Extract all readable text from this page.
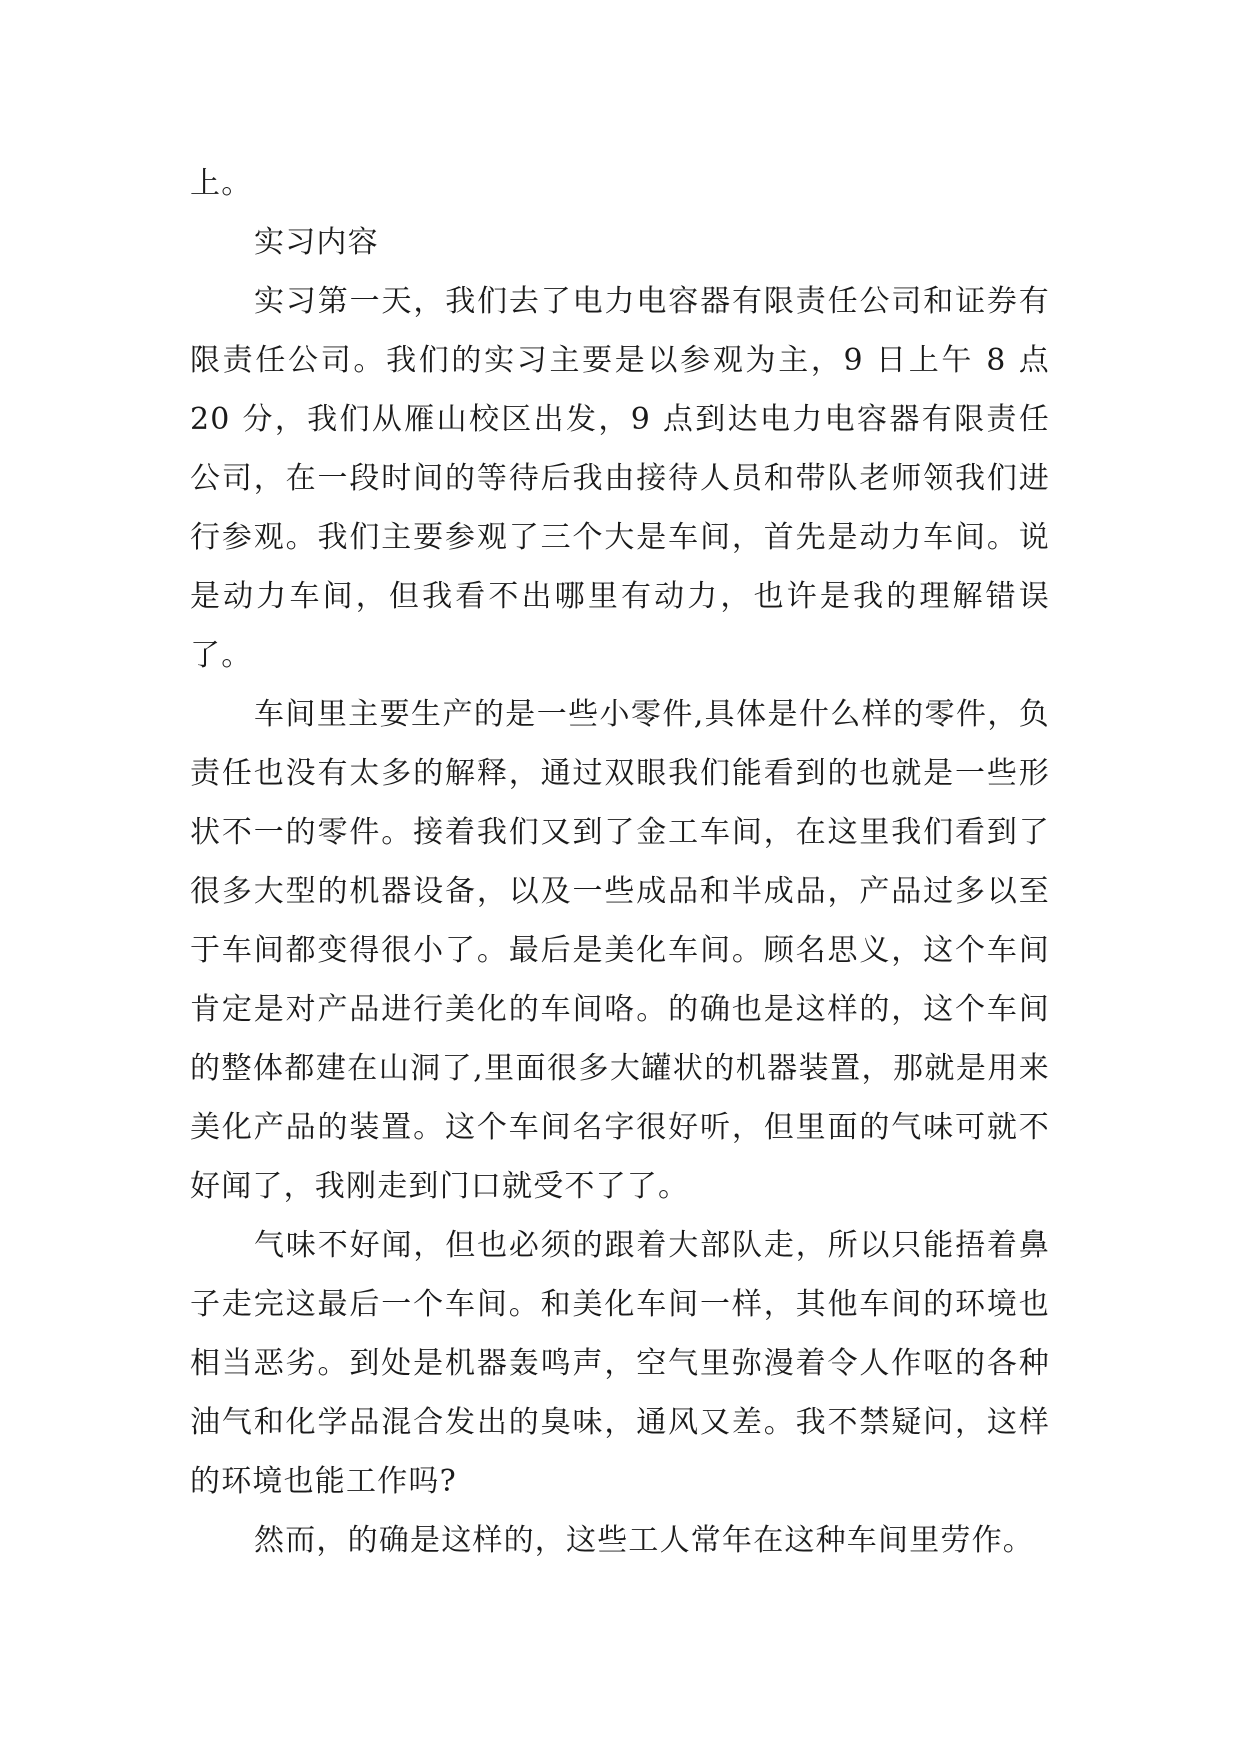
上。

实习内容

实习第一天，我们去了电力电容器有限责任公司和证券有限责任公司。我们的实习主要是以参观为主，9 日上午 8 点 20 分，我们从雁山校区出发，9 点到达电力电容器有限责任公司，在一段时间的等待后我由接待人员和带队老师领我们进行参观。我们主要参观了三个大是车间，首先是动力车间。说是动力车间，但我看不出哪里有动力，也许是我的理解错误了。

车间里主要生产的是一些小零件,具体是什么样的零件，负责任也没有太多的解释，通过双眼我们能看到的也就是一些形状不一的零件。接着我们又到了金工车间，在这里我们看到了很多大型的机器设备，以及一些成品和半成品，产品过多以至于车间都变得很小了。最后是美化车间。顾名思义，这个车间肯定是对产品进行美化的车间咯。的确也是这样的，这个车间的整体都建在山洞了,里面很多大罐状的机器装置，那就是用来美化产品的装置。这个车间名字很好听，但里面的气味可就不好闻了，我刚走到门口就受不了了。

气味不好闻，但也必须的跟着大部队走，所以只能捂着鼻子走完这最后一个车间。和美化车间一样，其他车间的环境也相当恶劣。到处是机器轰鸣声，空气里弥漫着令人作呕的各种油气和化学品混合发出的臭味，通风又差。我不禁疑问，这样的环境也能工作吗?

然而，的确是这样的，这些工人常年在这种车间里劳作。
